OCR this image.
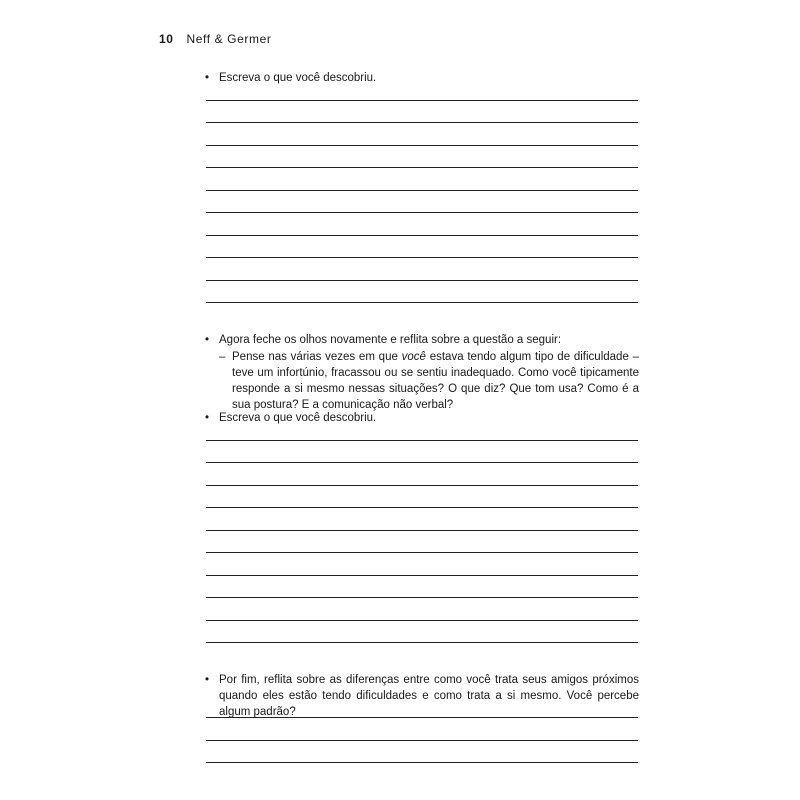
10 Neff & Germer
• Escreva o que você descobriu.
• Agora feche os olhos novamente e reflita sobre a questão a seguir:
– Pense nas várias vezes em que você estava tendo algum tipo de dificuldade – teve um infortúnio, fracassou ou se sentiu inadequado. Como você tipicamente responde a si mesmo nessas situações? O que diz? Que tom usa? Como é a sua postura? E a comunicação não verbal?
• Escreva o que você descobriu.
• Por fim, reflita sobre as diferenças entre como você trata seus amigos próximos quando eles estão tendo dificuldades e como trata a si mesmo. Você percebe algum padrão?
